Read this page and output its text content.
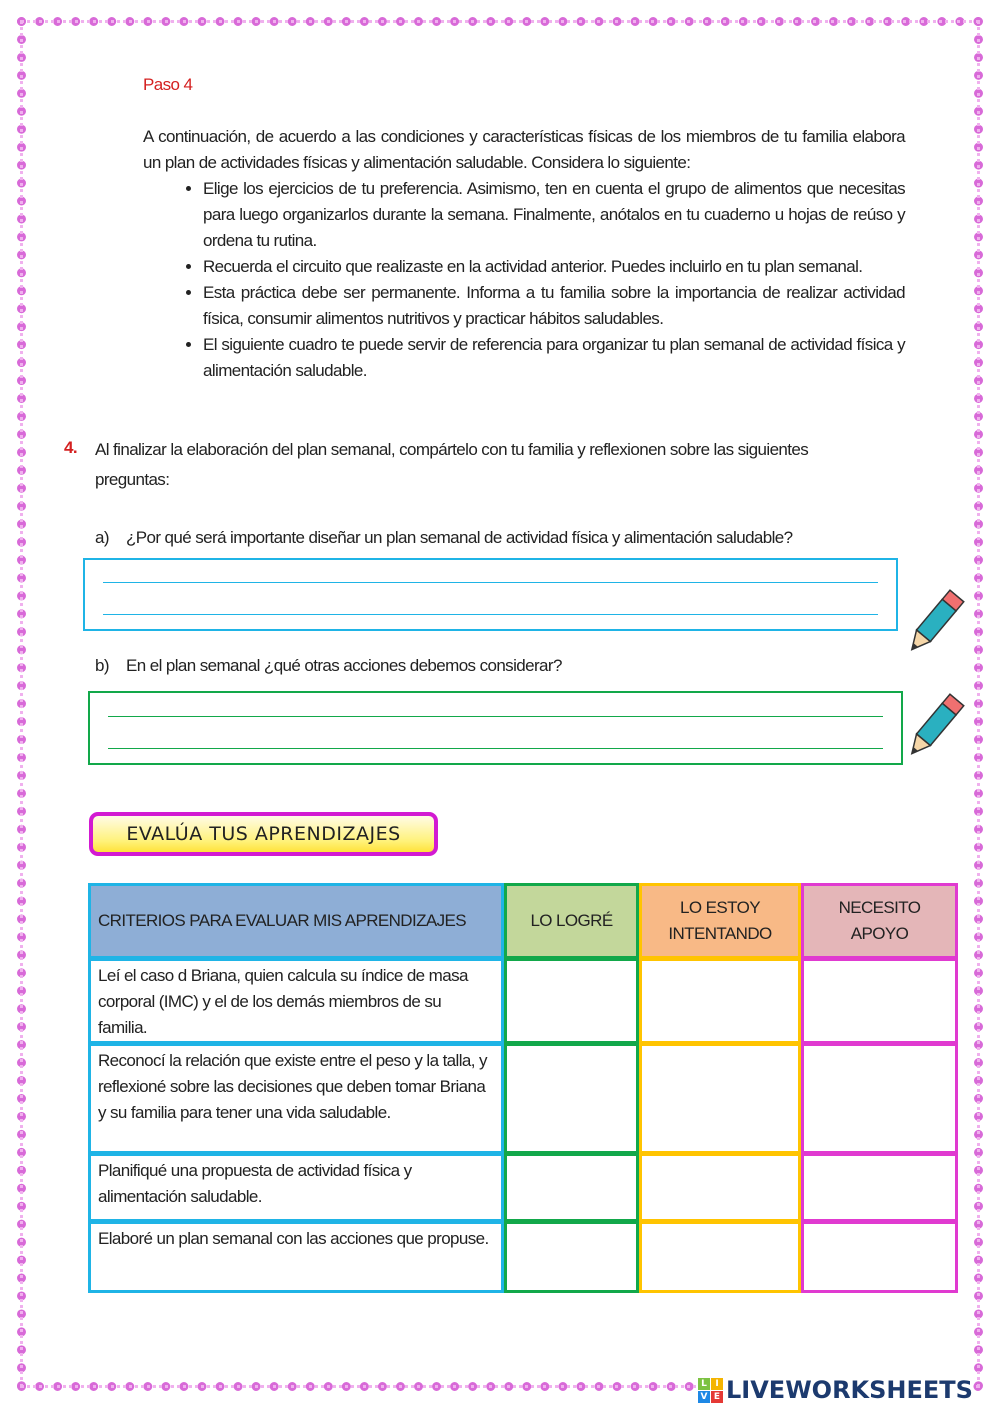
Paso 4

A continuación, de acuerdo a las condiciones y características físicas de los miembros de tu familia elabora un plan de actividades físicas y alimentación saludable. Considera lo siguiente:

• Elige los ejercicios de tu preferencia. Asimismo, ten en cuenta el grupo de alimentos que necesitas para luego organizarlos durante la semana. Finalmente, anótalos en tu cuaderno u hojas de reúso y ordena tu rutina.
• Recuerda el circuito que realizaste en la actividad anterior. Puedes incluirlo en tu plan semanal.
• Esta práctica debe ser permanente. Informa a tu familia sobre la importancia de realizar actividad física, consumir alimentos nutritivos y practicar hábitos saludables.
• El siguiente cuadro te puede servir de referencia para organizar tu plan semanal de actividad física y alimentación saludable.
4. Al finalizar la elaboración del plan semanal, compártelo con tu familia y reflexionen sobre las siguientes preguntas:
a) ¿Por qué será importante diseñar un plan semanal de actividad física y alimentación saludable?
b) En el plan semanal ¿qué otras acciones debemos considerar?
EVALÚA TUS APRENDIZAJES
CRITERIOS PARA EVALUAR MIS APRENDIZAJES	LO LOGRÉ
LO ESTOY INTENTANDO
NECESITO APOYO
Leí el caso d Briana, quien calcula su índice de masa corporal (IMC) y el de los demás miembros de su familia.
Reconocí la relación que existe entre el peso y la talla, y reflexioné sobre las decisiones que deben tomar Briana y su familia para tener una vida saludable.
Planifiqué una propuesta de actividad física y alimentación saludable.
Elaboré un plan semanal con las acciones que propuse.
L I
V E LIVEWORKSHEETS
